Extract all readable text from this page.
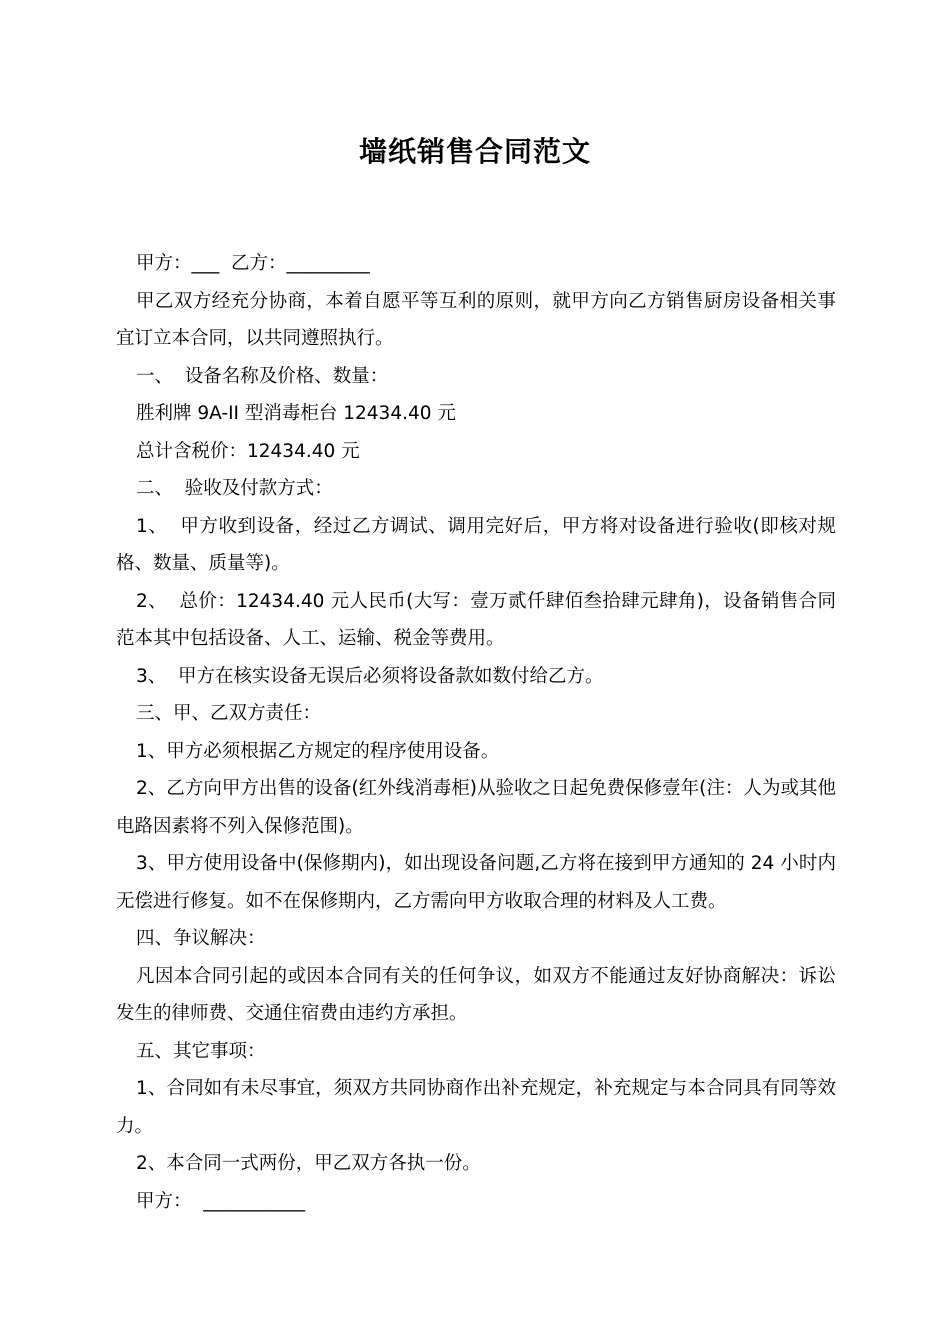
墙纸销售合同范文

甲方：___  乙方：_________

甲乙双方经充分协商，本着自愿平等互利的原则，就甲方向乙方销售厨房设备相关事宜订立本合同，以共同遵照执行。

一、  设备名称及价格、数量：

胜利牌 9A-II 型消毒柜台 12434.40 元

总计含税价：12434.40 元

二、  验收及付款方式：

1、  甲方收到设备，经过乙方调试、调用完好后，甲方将对设备进行验收(即核对规格、数量、质量等)。

2、  总价：12434.40 元人民币(大写：壹万贰仟肆佰叁拾肆元肆角)，设备销售合同范本其中包括设备、人工、运输、税金等费用。

3、  甲方在核实设备无误后必须将设备款如数付给乙方。

三、甲、乙双方责任：

1、甲方必须根据乙方规定的程序使用设备。

2、乙方向甲方出售的设备(红外线消毒柜)从验收之日起免费保修壹年(注：人为或其他电路因素将不列入保修范围)。

3、甲方使用设备中(保修期内)，如出现设备问题,乙方将在接到甲方通知的 24 小时内无偿进行修复。如不在保修期内，乙方需向甲方收取合理的材料及人工费。

四、争议解决：

凡因本合同引起的或因本合同有关的任何争议，如双方不能通过友好协商解决：诉讼发生的律师费、交通住宿费由违约方承担。

五、其它事项：

1、合同如有未尽事宜，须双方共同协商作出补充规定，补充规定与本合同具有同等效力。

2、本合同一式两份，甲乙双方各执一份。

甲方：  ___________
